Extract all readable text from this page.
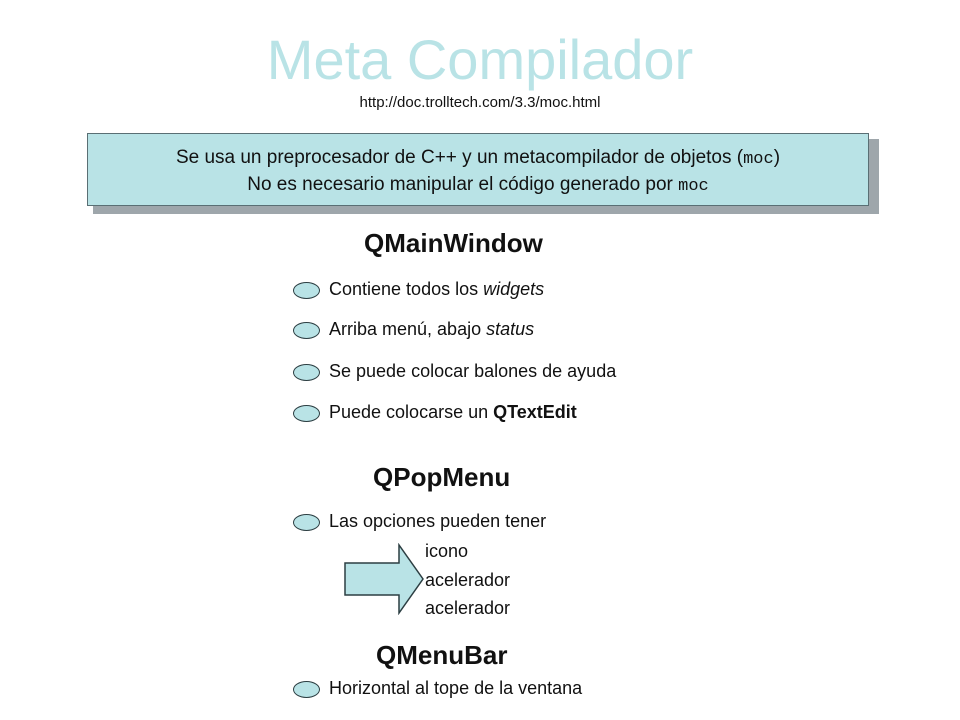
Meta Compilador
http://doc.trolltech.com/3.3/moc.html
Se usa un preprocesador de C++ y un metacompilador de objetos (moc)
No es necesario manipular el código generado por moc
QMainWindow
Contiene todos los widgets
Arriba menú, abajo status
Se puede colocar balones de ayuda
Puede colocarse un QTextEdit
QPopMenu
Las opciones pueden tener
icono
acelerador
acelerador
QMenuBar
Horizontal al tope de la ventana
